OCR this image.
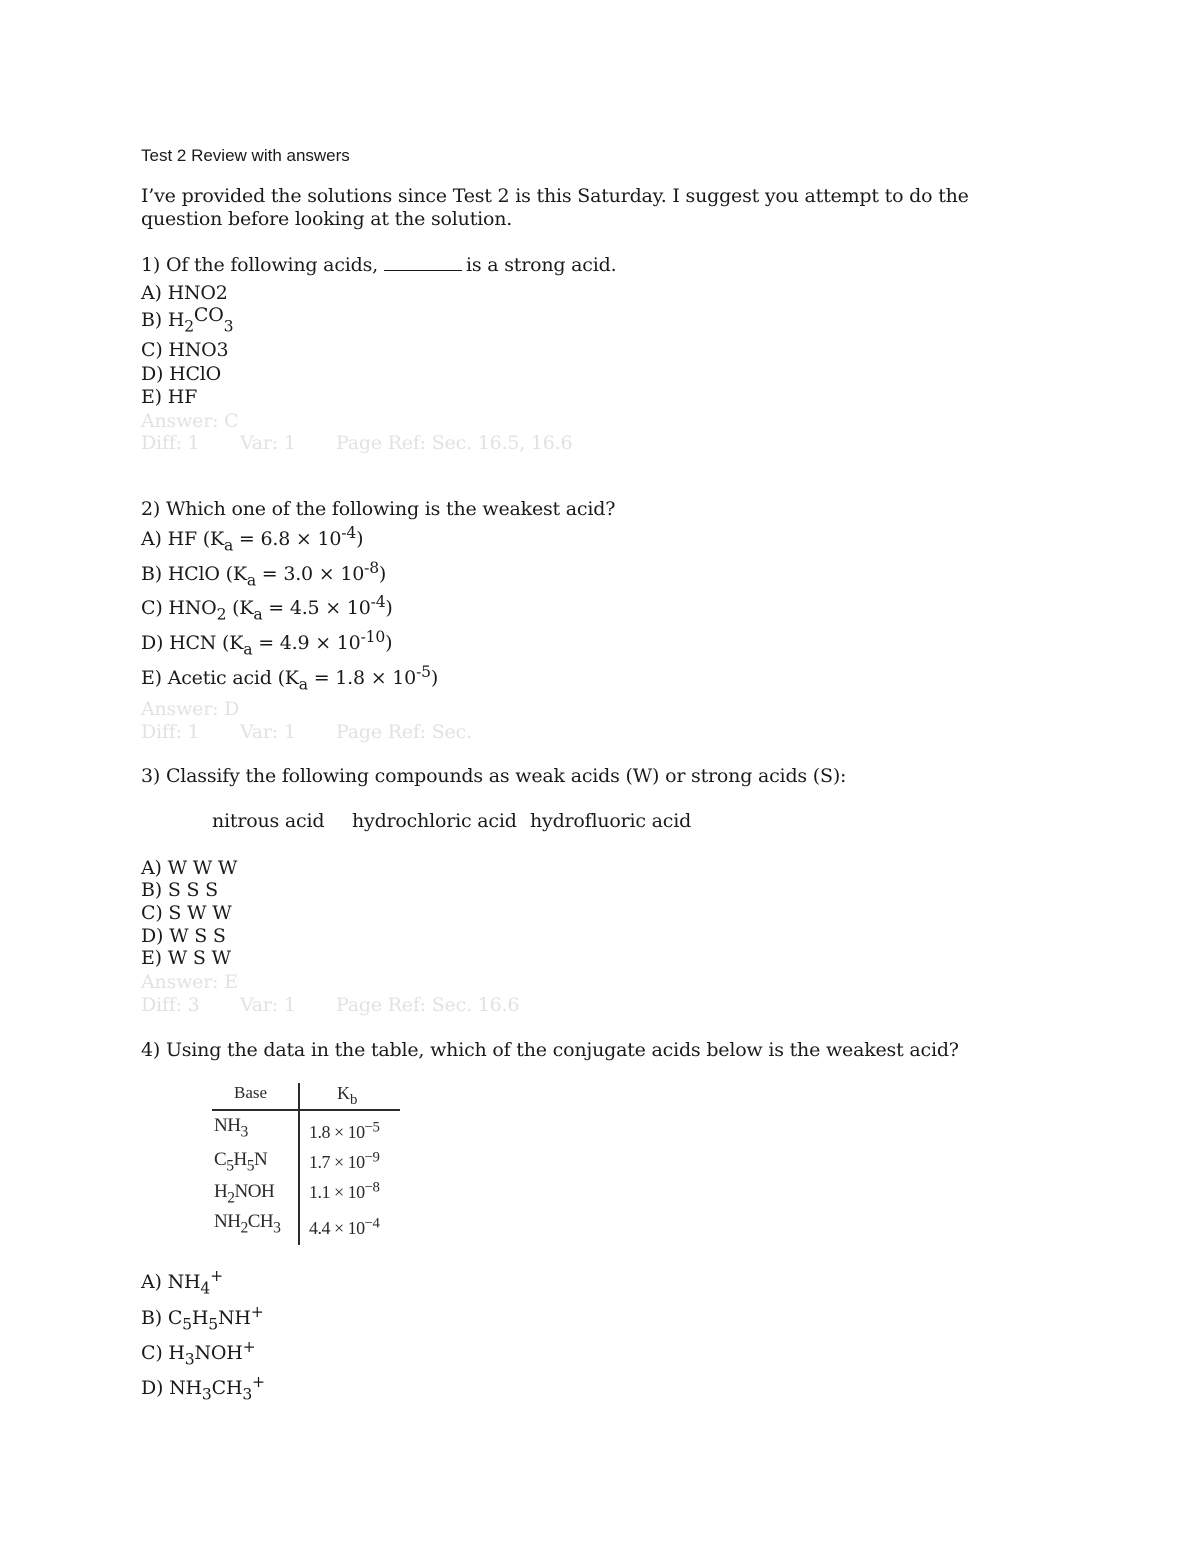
Test 2 Review with answers
I’ve provided the solutions since Test 2 is this Saturday. I suggest you attempt to do the
question before looking at the solution.
1) Of the following acids,	is a strong acid.
A) HNO2
B) $H_2CO_3$
C) HNO3
D) HClO
E) HF
Answer: C
Diff: 1 Var: 1 Page Ref: Sec. 16.5, 16.6
2) Which one of the following is the weakest acid?
A) HF $(K_a = 6.8 \times 10^{-4})$
B) HClO $(K_a = 3.0 \times 10^{-8})$
C) $HNO_2$ $(K_a = 4.5 \times 10^{-4})$
D) HCN $(K_a = 4.9 \times 10^{-10})$
E) Acetic acid $(K_a = 1.8 \times 10^{-5})$
Answer: D
Diff: 1 Var: 1 Page Ref: Sec.
3) Classify the following compounds as weak acids (W) or strong acids (S):
nitrous acid hydrochloric acid hydrofluoric acid
A) W W W
B) S S S
C) S W W
D) W S S
E) W S W
Answer: E
Diff: 3 Var: 1 Page Ref: Sec. 16.6
4) Using the data in the table, which of the conjugate acids below is the weakest acid?
Base	$K_b$
$NH_3$	$1.8 \times 10^{-5}$
$C_5H_5N$ $1.7 \times 10^{-9}$
$H_2NOH$ $1.1 \times 10^{-8}$
$NH_2CH_3$ $4.4 \times 10^{-4}$
A) $NH_4^+$
B) $C_5H_5NH^+$
C) $H_3NOH^+$
D) $NH_3CH_3^+$
